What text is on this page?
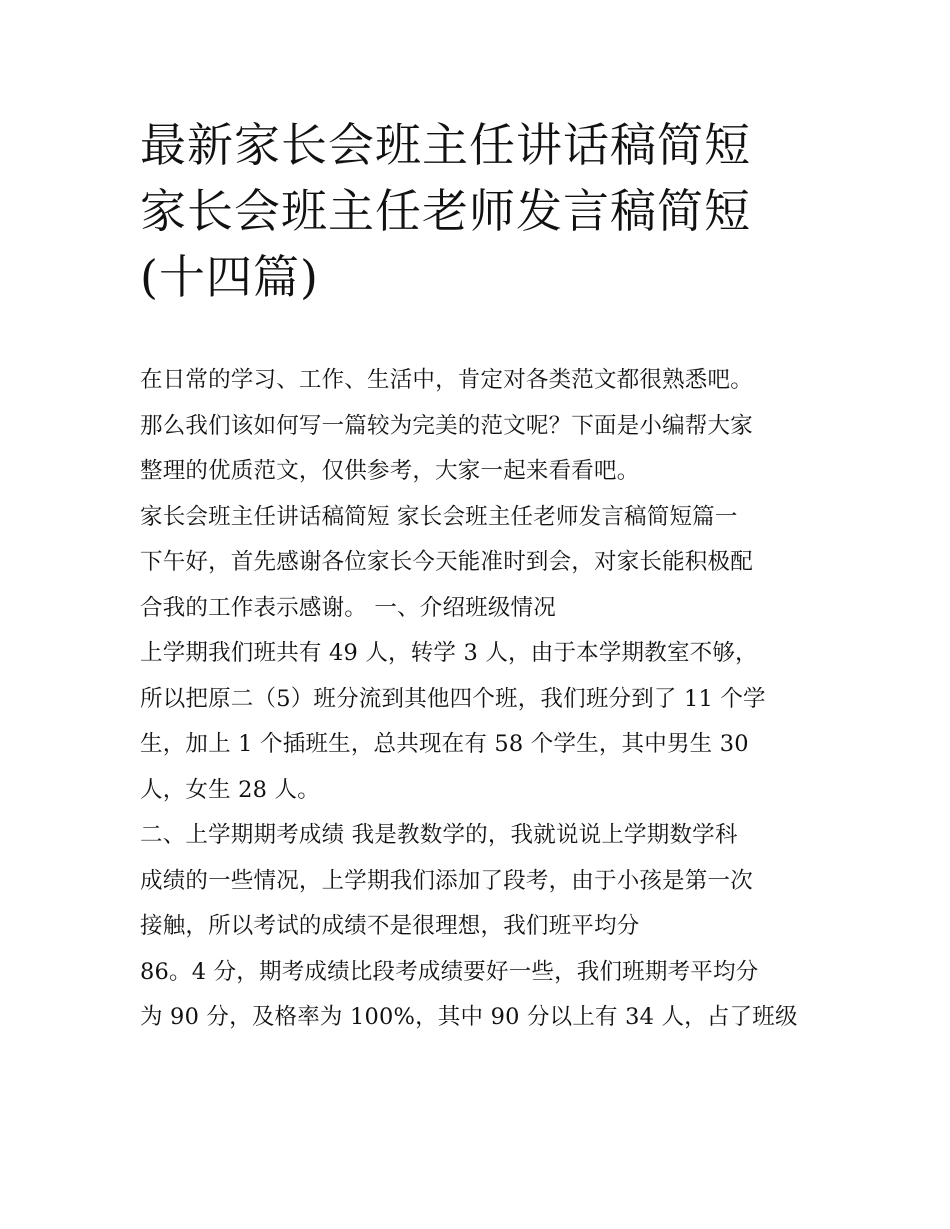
最新家长会班主任讲话稿简短
家长会班主任老师发言稿简短
(十四篇)
在日常的学习、工作、生活中，肯定对各类范文都很熟悉吧。
那么我们该如何写一篇较为完美的范文呢？下面是小编帮大家
整理的优质范文，仅供参考，大家一起来看看吧。
家长会班主任讲话稿简短 家长会班主任老师发言稿简短篇一
下午好，首先感谢各位家长今天能准时到会，对家长能积极配
合我的工作表示感谢。 一、介绍班级情况
上学期我们班共有 49 人，转学 3 人，由于本学期教室不够，
所以把原二（5）班分流到其他四个班，我们班分到了 11 个学
生，加上 1 个插班生，总共现在有 58 个学生，其中男生 30
人，女生 28 人。
二、上学期期考成绩 我是教数学的，我就说说上学期数学科
成绩的一些情况，上学期我们添加了段考，由于小孩是第一次
接触，所以考试的成绩不是很理想，我们班平均分
86。4 分，期考成绩比段考成绩要好一些，我们班期考平均分
为 90 分，及格率为 100%，其中 90 分以上有 34 人，占了班级
